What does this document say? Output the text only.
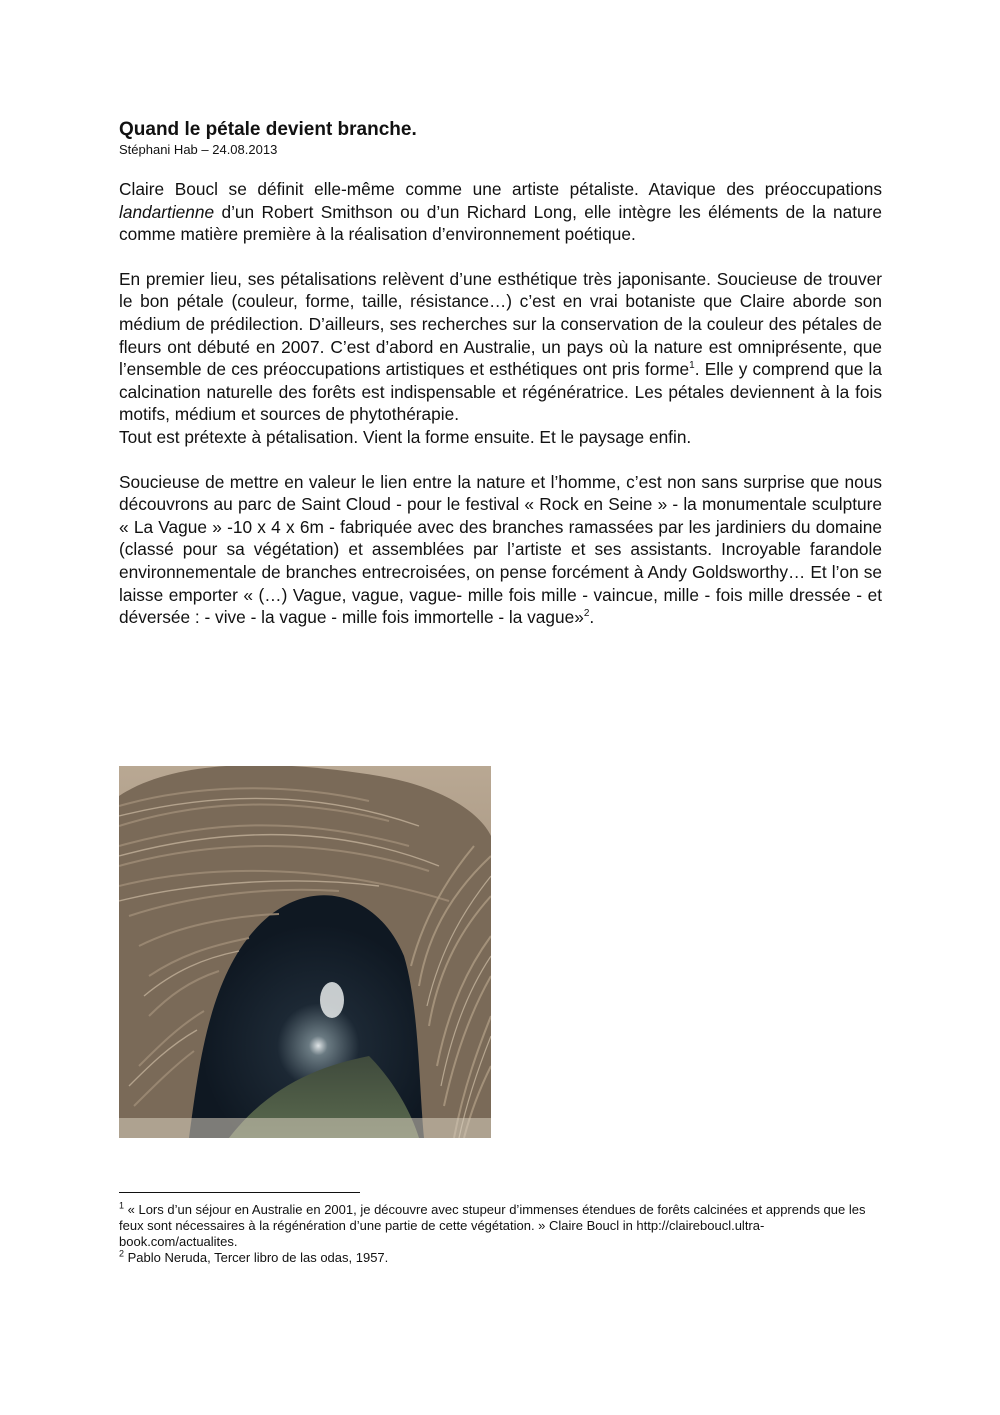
Quand le pétale devient branche.

Stéphani Hab – 24.08.2013

Claire Boucl se définit elle-même comme une artiste pétaliste. Atavique des préoccupations landartienne d’un Robert Smithson ou d’un Richard Long, elle intègre les éléments de la nature comme matière première à la réalisation d’environnement poétique.

En premier lieu, ses pétalisations relèvent d’une esthétique très japonisante. Soucieuse de trouver le bon pétale (couleur, forme, taille, résistance…) c’est en vrai botaniste que Claire aborde son médium de prédilection. D’ailleurs, ses recherches sur la conservation de la couleur des pétales de fleurs ont débuté en 2007. C’est d’abord en Australie, un pays où la nature est omniprésente, que l’ensemble de ces préoccupations artistiques et esthétiques ont pris forme$^1$. Elle y comprend que la calcination naturelle des forêts est indispensable et régénératrice. Les pétales deviennent à la fois motifs, médium et sources de phytothérapie.

Tout est prétexte à pétalisation. Vient la forme ensuite. Et le paysage enfin.

Soucieuse de mettre en valeur le lien entre la nature et l’homme, c’est non sans surprise que nous découvrons au parc de Saint Cloud - pour le festival « Rock en Seine » - la monumentale sculpture « La Vague » -10 x 4 x 6m - fabriquée avec des branches ramassées par les jardiniers du domaine (classé pour sa végétation) et assemblées par l’artiste et ses assistants. Incroyable farandole environnementale de branches entrecroisées, on pense forcément à Andy Goldsworthy… Et l’on se laisse emporter « (…) Vague, vague, vague- mille fois mille - vaincue, mille - fois mille dressée - et déversée : - vive - la vague - mille fois immortelle - la vague»$^2$.

$^1$ « Lors d’un séjour en Australie en 2001, je découvre avec stupeur d’immenses étendues de forêts calcinées et apprends que les feux sont nécessaires à la régénération d’une partie de cette végétation. » Claire Boucl in http://claireboucl.ultra-book.com/actualites.

$^2$ Pablo Neruda, Tercer libro de las odas, 1957.
